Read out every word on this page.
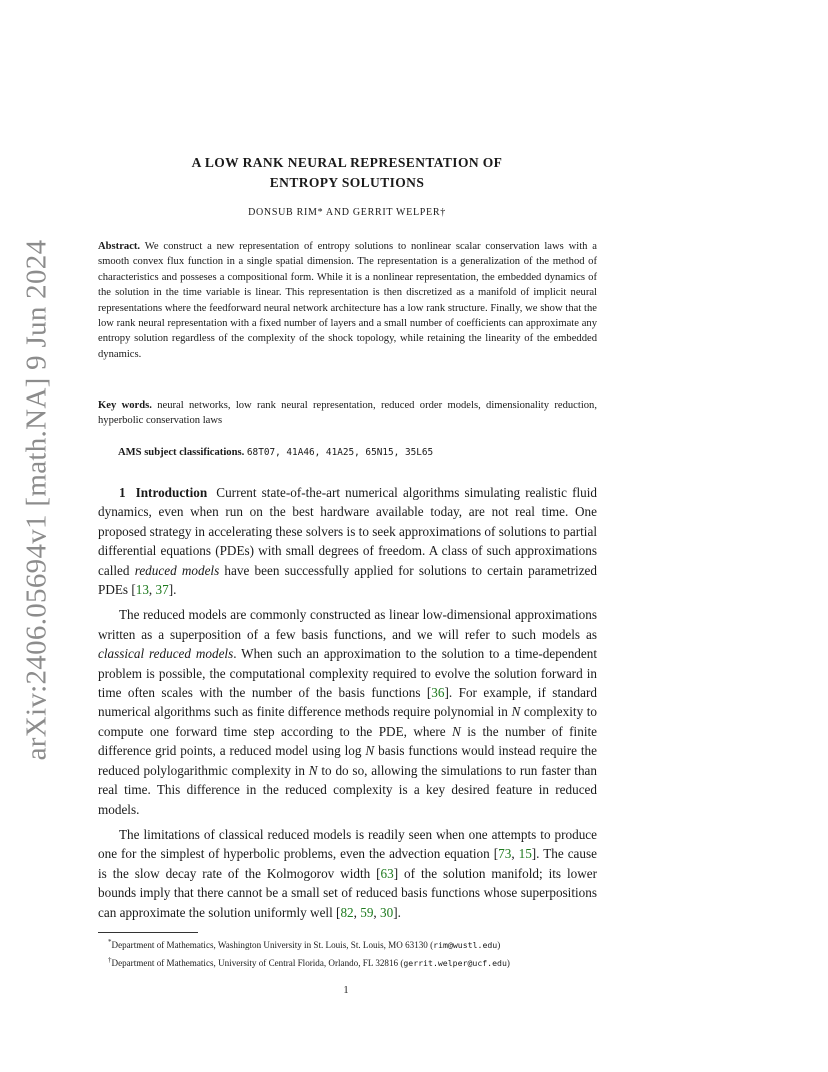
arXiv:2406.05694v1 [math.NA] 9 Jun 2024
A LOW RANK NEURAL REPRESENTATION OF
ENTROPY SOLUTIONS
DONSUB RIM* AND GERRIT WELPER†
Abstract. We construct a new representation of entropy solutions to nonlinear scalar conservation laws with a smooth convex flux function in a single spatial dimension. The representation is a generalization of the method of characteristics and posseses a compositional form. While it is a nonlinear representation, the embedded dynamics of the solution in the time variable is linear. This representation is then discretized as a manifold of implicit neural representations where the feedforward neural network architecture has a low rank structure. Finally, we show that the low rank neural representation with a fixed number of layers and a small number of coefficients can approximate any entropy solution regardless of the complexity of the shock topology, while retaining the linearity of the embedded dynamics.
Key words. neural networks, low rank neural representation, reduced order models, dimensionality reduction, hyperbolic conservation laws
AMS subject classifications. 68T07, 41A46, 41A25, 65N15, 35L65

1 Introduction Current state-of-the-art numerical algorithms simulating realistic fluid dynamics, even when run on the best hardware available today, are not real time. One proposed strategy in accelerating these solvers is to seek approximations of solutions to partial differential equations (PDEs) with small degrees of freedom. A class of such approximations called reduced models have been successfully applied for solutions to certain parametrized PDEs [13, 37].

The reduced models are commonly constructed as linear low-dimensional approximations written as a superposition of a few basis functions, and we will refer to such models as classical reduced models. When such an approximation to the solution to a time-dependent problem is possible, the computational complexity required to evolve the solution forward in time often scales with the number of the basis functions [36]. For example, if standard numerical algorithms such as finite difference methods require polynomial in N complexity to compute one forward time step according to the PDE, where N is the number of finite difference grid points, a reduced model using log N basis functions would instead require the reduced polylogarithmic complexity in N to do so, allowing the simulations to run faster than real time. This difference in the reduced complexity is a key desired feature in reduced models.

The limitations of classical reduced models is readily seen when one attempts to produce one for the simplest of hyperbolic problems, even the advection equation [73, 15]. The cause is the slow decay rate of the Kolmogorov width [63] of the solution manifold; its lower bounds imply that there cannot be a small set of reduced basis functions whose superpositions can approximate the solution uniformly well [82, 59, 30].

*Department of Mathematics, Washington University in St. Louis, St. Louis, MO 63130 (rim@wustl.edu)
†Department of Mathematics, University of Central Florida, Orlando, FL 32816 (gerrit.welper@ucf.edu)
1
